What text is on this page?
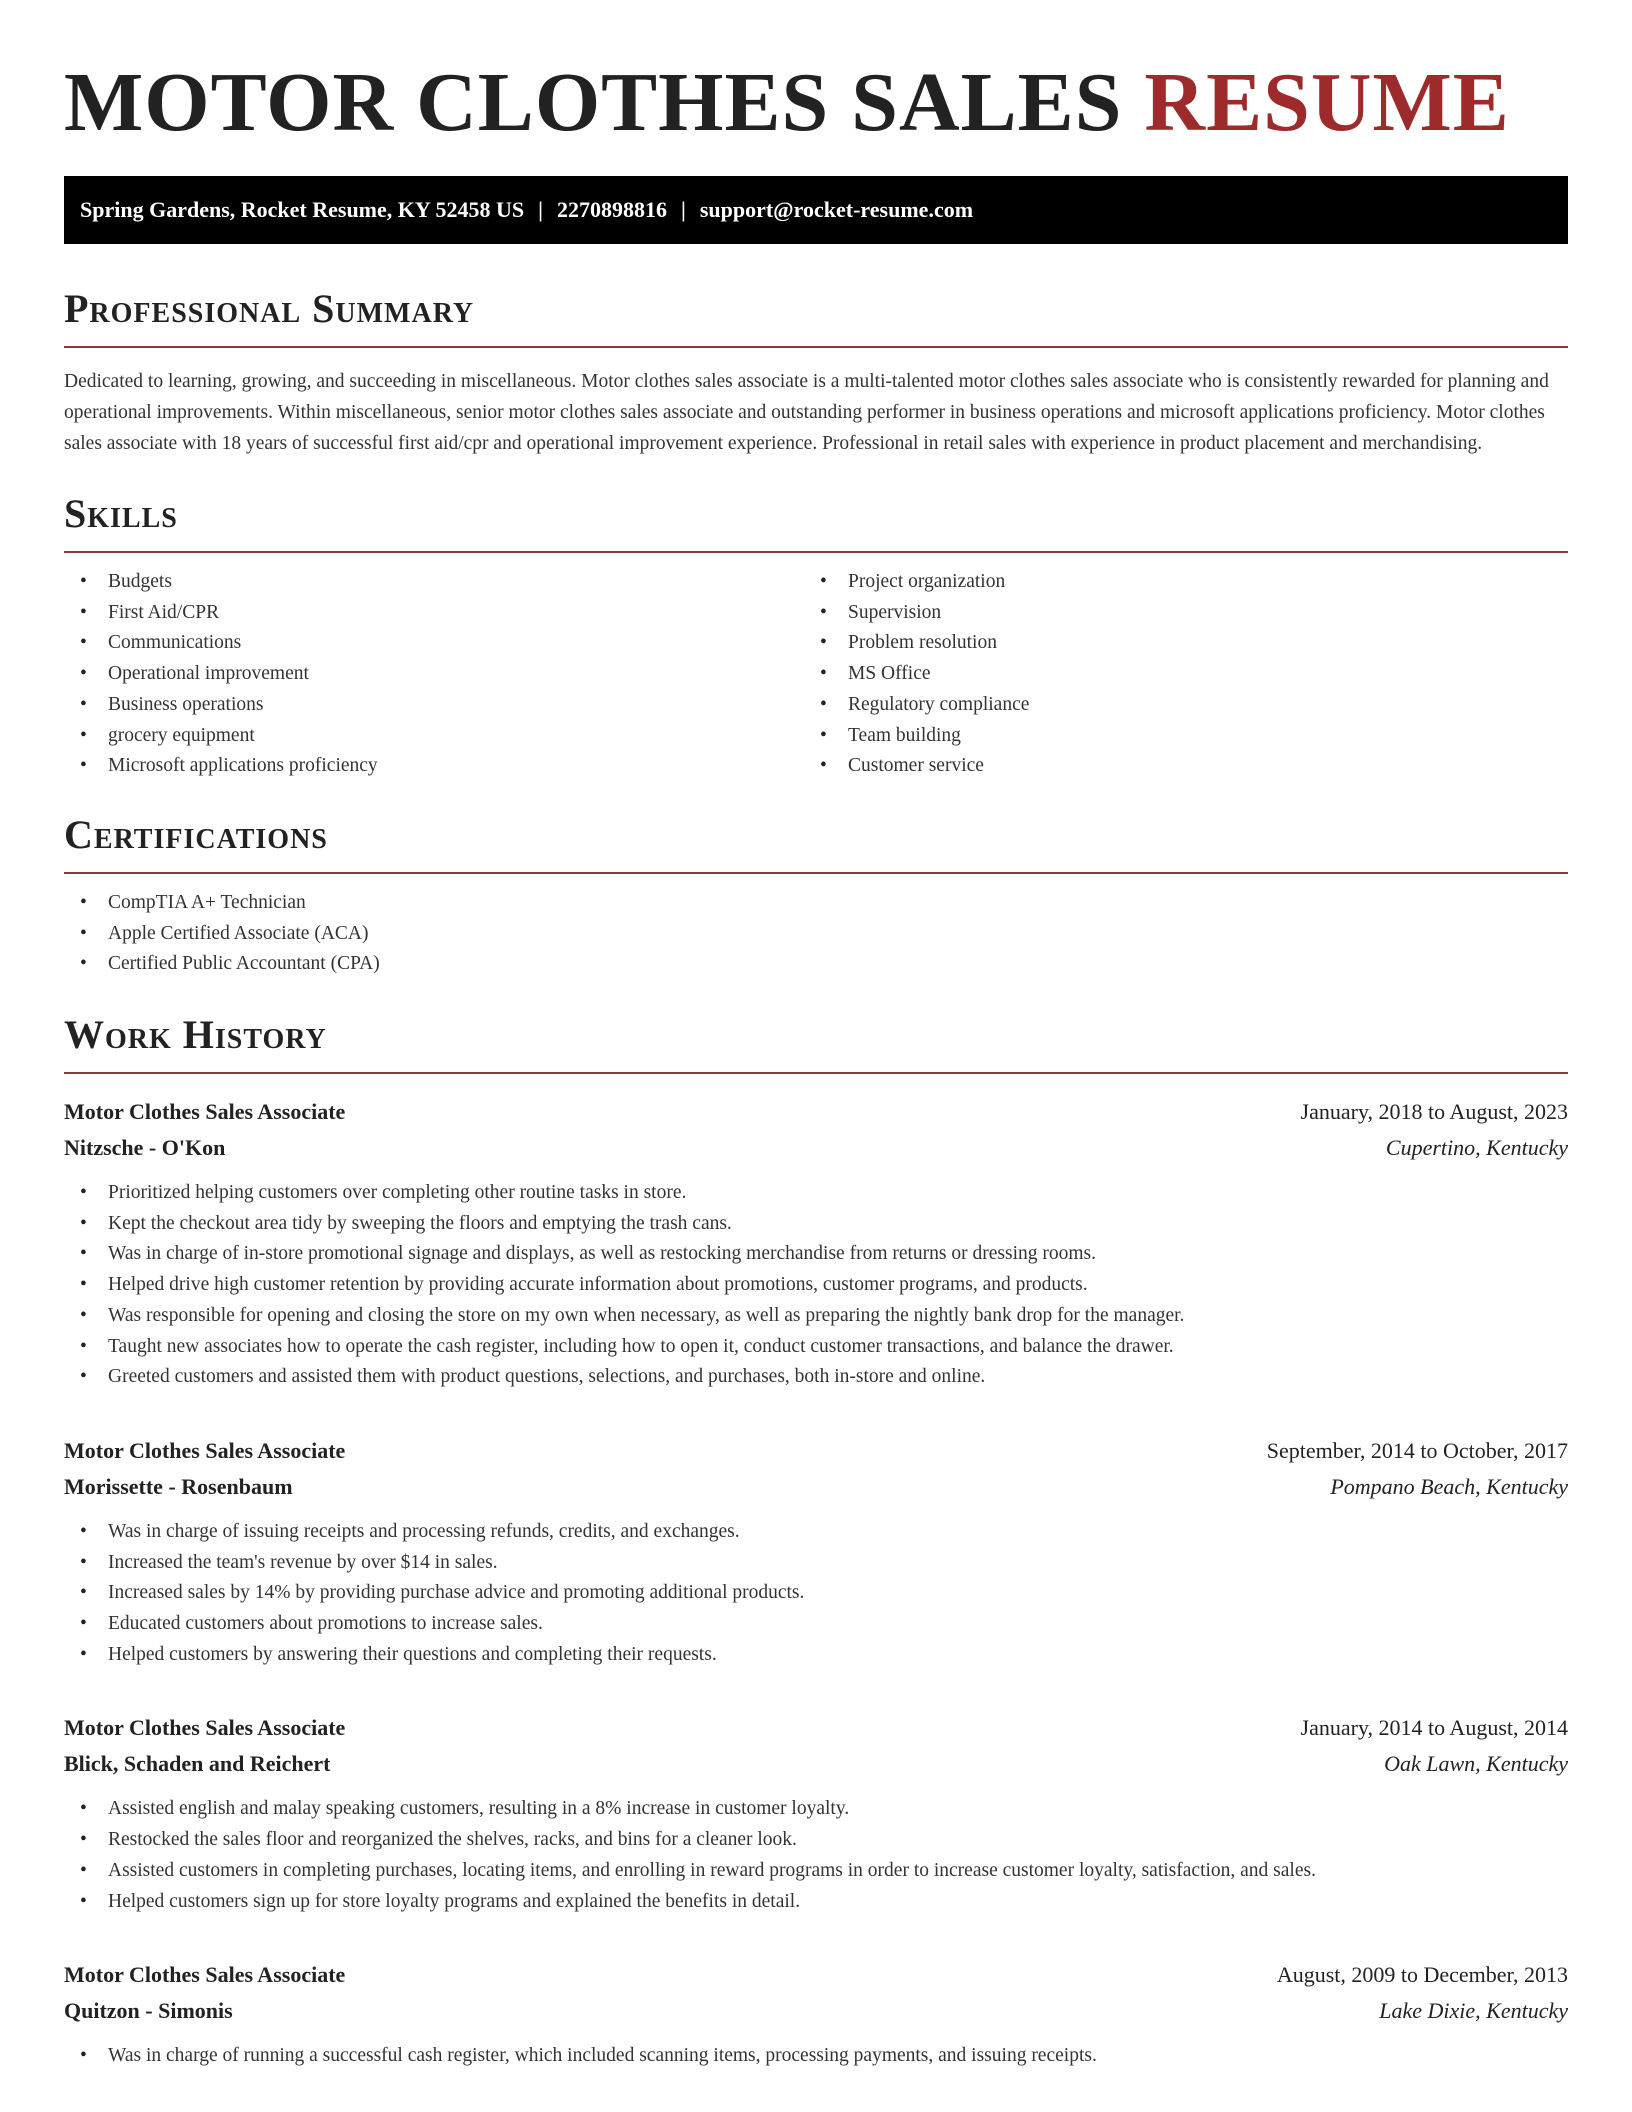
MOTOR CLOTHES SALES RESUME
Spring Gardens, Rocket Resume, KY 52458 US | 2270898816 | support@rocket-resume.com
Professional Summary

Dedicated to learning, growing, and succeeding in miscellaneous. Motor clothes sales associate is a multi-talented motor clothes sales associate who is consistently rewarded for planning and operational improvements. Within miscellaneous, senior motor clothes sales associate and outstanding performer in business operations and microsoft applications proficiency. Motor clothes sales associate with 18 years of successful first aid/cpr and operational improvement experience. Professional in retail sales with experience in product placement and merchandising.

Skills
• Budgets
• First Aid/CPR
• Communications
• Operational improvement
• Business operations
• grocery equipment
• Microsoft applications proficiency
• Project organization
• Supervision
• Problem resolution
• MS Office
• Regulatory compliance
• Team building
• Customer service
Certifications
• CompTIA A+ Technician
• Apple Certified Associate (ACA)
• Certified Public Accountant (CPA)
Work History
Motor Clothes Sales Associate	January, 2018 to August, 2023
Nitzsche - O'Kon	Cupertino, Kentucky
• Prioritized helping customers over completing other routine tasks in store.
• Kept the checkout area tidy by sweeping the floors and emptying the trash cans.
• Was in charge of in-store promotional signage and displays, as well as restocking merchandise from returns or dressing rooms.
• Helped drive high customer retention by providing accurate information about promotions, customer programs, and products.
• Was responsible for opening and closing the store on my own when necessary, as well as preparing the nightly bank drop for the manager.
• Taught new associates how to operate the cash register, including how to open it, conduct customer transactions, and balance the drawer.
• Greeted customers and assisted them with product questions, selections, and purchases, both in-store and online.
Motor Clothes Sales Associate	September, 2014 to October, 2017
Morissette - Rosenbaum	Pompano Beach, Kentucky
• Was in charge of issuing receipts and processing refunds, credits, and exchanges.
• Increased the team's revenue by over $14 in sales.
• Increased sales by 14% by providing purchase advice and promoting additional products.
• Educated customers about promotions to increase sales.
• Helped customers by answering their questions and completing their requests.
Motor Clothes Sales Associate	January, 2014 to August, 2014
Blick, Schaden and Reichert	Oak Lawn, Kentucky
• Assisted english and malay speaking customers, resulting in a 8% increase in customer loyalty.
• Restocked the sales floor and reorganized the shelves, racks, and bins for a cleaner look.
• Assisted customers in completing purchases, locating items, and enrolling in reward programs in order to increase customer loyalty, satisfaction, and sales.
• Helped customers sign up for store loyalty programs and explained the benefits in detail.
Motor Clothes Sales Associate	August, 2009 to December, 2013
Quitzon - Simonis	Lake Dixie, Kentucky
• Was in charge of running a successful cash register, which included scanning items, processing payments, and issuing receipts.
